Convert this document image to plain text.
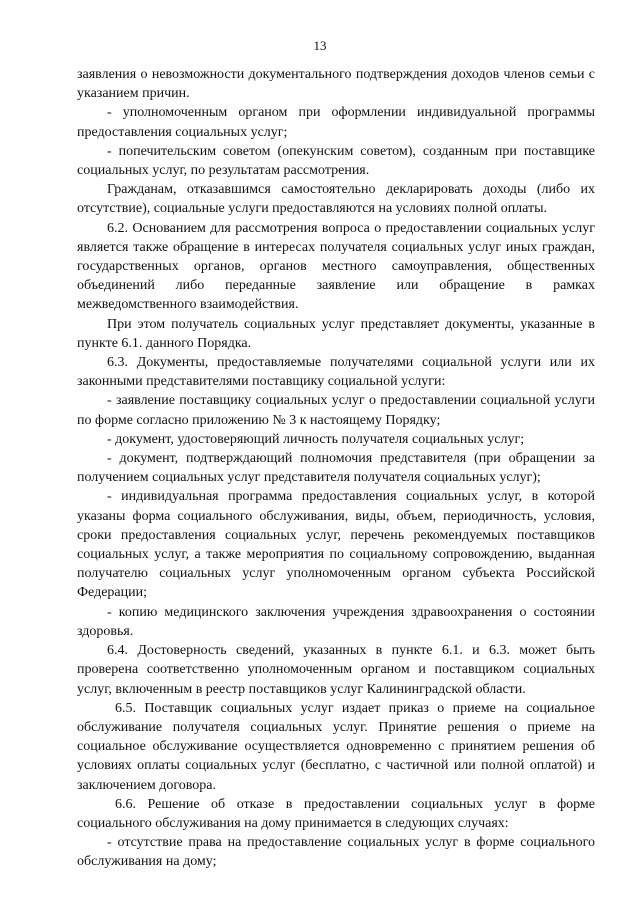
13

заявления о невозможности документального подтверждения доходов членов семьи с указанием причин.

- уполномоченным органом при оформлении индивидуальной программы предоставления социальных услуг;

- попечительским советом (опекунским советом), созданным при поставщике социальных услуг, по результатам рассмотрения.

Гражданам, отказавшимся самостоятельно декларировать доходы (либо их отсутствие), социальные услуги предоставляются на условиях полной оплаты.

6.2. Основанием для рассмотрения вопроса о предоставлении социальных услуг является также обращение в интересах получателя социальных услуг иных граждан, государственных органов, органов местного самоуправления, общественных объединений либо переданные заявление или обращение в рамках межведомственного взаимодействия.

При этом получатель социальных услуг представляет документы, указанные в пункте 6.1. данного Порядка.

6.3. Документы, предоставляемые получателями социальной услуги или их законными представителями поставщику социальной услуги:

- заявление поставщику социальных услуг о предоставлении социальной услуги по форме согласно приложению № 3 к настоящему Порядку;

- документ, удостоверяющий личность получателя социальных услуг;

- документ, подтверждающий полномочия представителя (при обращении за получением социальных услуг представителя получателя социальных услуг);

- индивидуальная программа предоставления социальных услуг, в которой указаны форма социального обслуживания, виды, объем, периодичность, условия, сроки предоставления социальных услуг, перечень рекомендуемых поставщиков социальных услуг, а также мероприятия по социальному сопровождению, выданная получателю социальных услуг уполномоченным органом субъекта Российской Федерации;

- копию медицинского заключения учреждения здравоохранения о состоянии здоровья.

6.4. Достоверность сведений, указанных в пункте 6.1. и 6.3. может быть проверена соответственно уполномоченным органом и поставщиком социальных услуг, включенным в реестр поставщиков услуг Калининградской области.

6.5. Поставщик социальных услуг издает приказ о приеме на социальное обслуживание получателя социальных услуг. Принятие решения о приеме на социальное обслуживание осуществляется одновременно с принятием решения об условиях оплаты социальных услуг (бесплатно, с частичной или полной оплатой) и заключением договора.

6.6. Решение об отказе в предоставлении социальных услуг в форме социального обслуживания на дому принимается в следующих случаях:

- отсутствие права на предоставление социальных услуг в форме социального обслуживания на дому;
